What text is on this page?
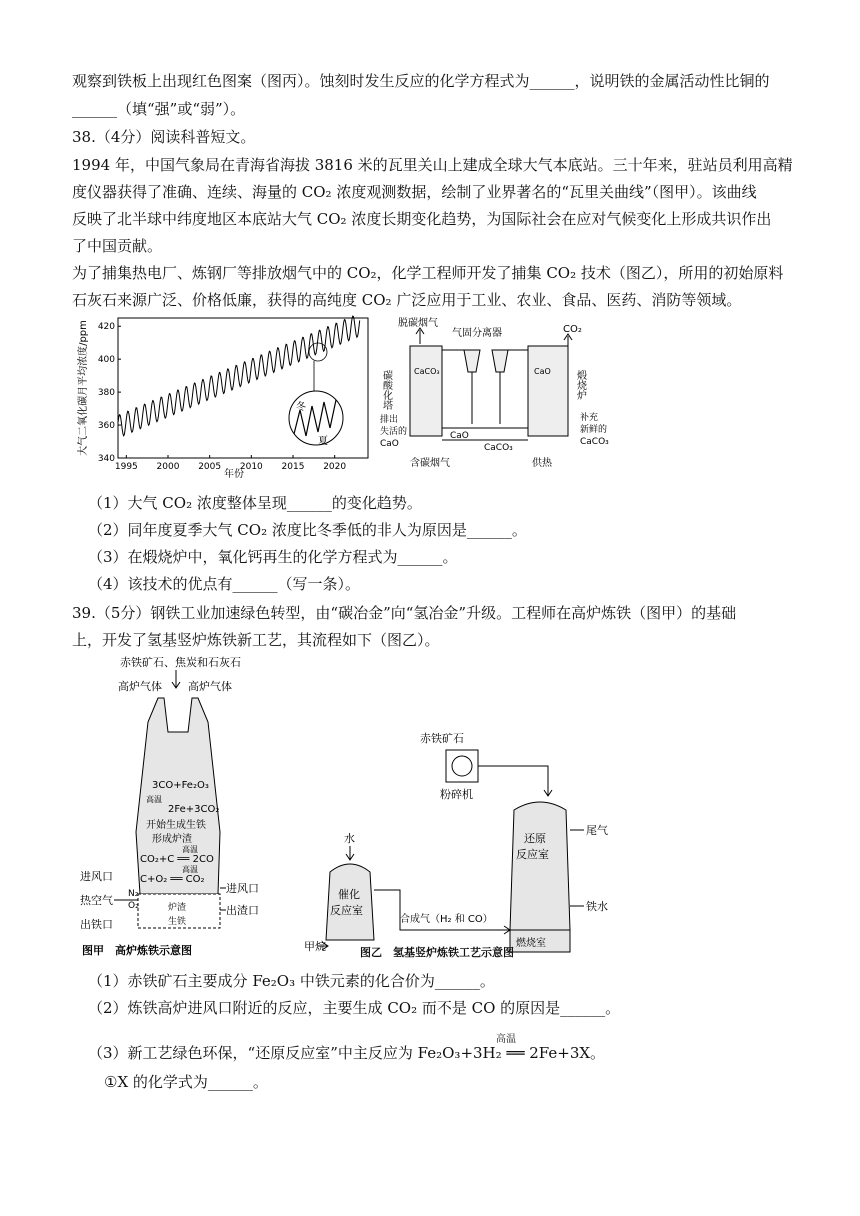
观察到铁板上出现红色图案（图丙）。蚀刻时发生反应的化学方程式为______，说明铁的金属活动性比铜的
______（填“强”或“弱”）。
38.（4分）阅读科普短文。
1994 年，中国气象局在青海省海拔 3816 米的瓦里关山上建成全球大气本底站。三十年来，驻站员利用高精
度仪器获得了准确、连续、海量的 CO₂ 浓度观测数据，绘制了业界著名的“瓦里关曲线”（图甲）。该曲线
反映了北半球中纬度地区本底站大气 CO₂ 浓度长期变化趋势，为国际社会在应对气候变化上形成共识作出
了中国贡献。
为了捕集热电厂、炼钢厂等排放烟气中的 CO₂，化学工程师开发了捕集 CO₂ 技术（图乙），所用的初始原料
石灰石来源广泛、价格低廉，获得的高纯度 CO₂ 广泛应用于工业、农业、食品、医药、消防等领域。
1995 2000 2005 2010 2015 2020
340
360
380
400
420
冬
夏
年份
大气二氧化碳月平均浓度/ppm	脱碳烟气
气固分离器	CO₂
碳酸化塔	CaCO₃	CaO 煅烧炉
CaO
CaCO₃
排出
失活的
CaO
含碳烟气	供热
补充
新鲜的
CaCO₃
（1）大气 CO₂ 浓度整体呈现______的变化趋势。
（2）同年度夏季大气 CO₂ 浓度比冬季低的非人为原因是______。
（3）在煅烧炉中，氧化钙再生的化学方程式为______。
（4）该技术的优点有______（写一条）。
39.（5分）钢铁工业加速绿色转型，由“碳冶金”向“氢冶金”升级。工程师在高炉炼铁（图甲）的基础
上，开发了氢基竖炉炼铁新工艺，其流程如下（图乙）。
赤铁矿石、焦炭和石灰石
高炉气体 高炉气体
3CO+Fe₂O₃
高温
2Fe+3CO₂
开始生成生铁
形成炉渣
高温
CO₂+C ══ 2CO
高温
C+O₂ ══ CO₂
炉渣
生铁
进风口
N₂
热空气 O₂
出铁口
进风口
出渣口
图甲　高炉炼铁示意图
赤铁矿石
粉碎机
水
催化
反应室
合成气（H₂ 和 CO）
甲烷
还原
反应室
燃烧室
尾气
铁水
图乙　氢基竖炉炼铁工艺示意图
（1）赤铁矿石主要成分 Fe₂O₃ 中铁元素的化合价为______。
（2）炼铁高炉进风口附近的反应，主要生成 CO₂ 而不是 CO 的原因是______。
高温
（3）新工艺绿色环保，“还原反应室”中主反应为 Fe₂O₃+3H₂ ══ 2Fe+3X。
①X 的化学式为______。
